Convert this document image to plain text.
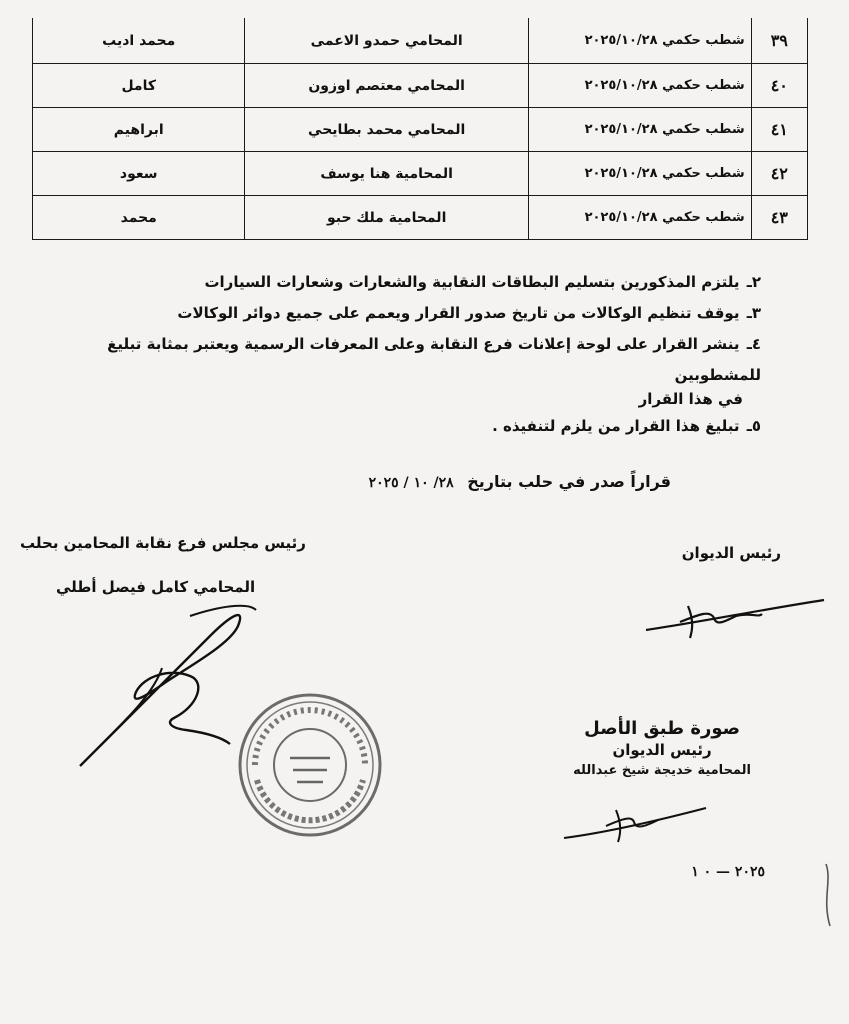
٣٩	شطب حكمي ٢٠٢٥/١٠/٢٨	المحامي حمدو الاعمى	محمد اديب
٤٠	شطب حكمي ٢٠٢٥/١٠/٢٨	المحامي معتصم اوزون	كامل
٤١	شطب حكمي ٢٠٢٥/١٠/٢٨	المحامي محمد بطايحي	ابراهيم
٤٢	شطب حكمي ٢٠٢٥/١٠/٢٨	المحامية هنا يوسف	سعود
٤٣	شطب حكمي ٢٠٢٥/١٠/٢٨	المحامية ملك حبو	محمد
٢ـ يلتزم المذكورين بتسليم البطاقات النقابية والشعارات وشعارات السيارات
٣ـ يوقف تنظيم الوكالات من تاريخ صدور القرار ويعمم على جميع دوائر الوكالات
٤ـ ينشر القرار على لوحة إعلانات فرع النقابة وعلى المعرفات الرسمية ويعتبر بمثابة تبليغ للمشطوبين
في هذا القرار
٥ـ تبليغ هذا القرار من يلزم لتنفيذه .
قراراً صدر في حلب بتاريخ ٢٨/ ١٠ / ٢٠٢٥
رئيس مجلس فرع نقابة المحامين بحلب
المحامي كامل فيصل أطلي
رئيس الديوان
صورة طبق الأصل
رئيس الديوان
المحامية خديجة شيخ عبدالله
٢٠٢٥ — ٠ ١
